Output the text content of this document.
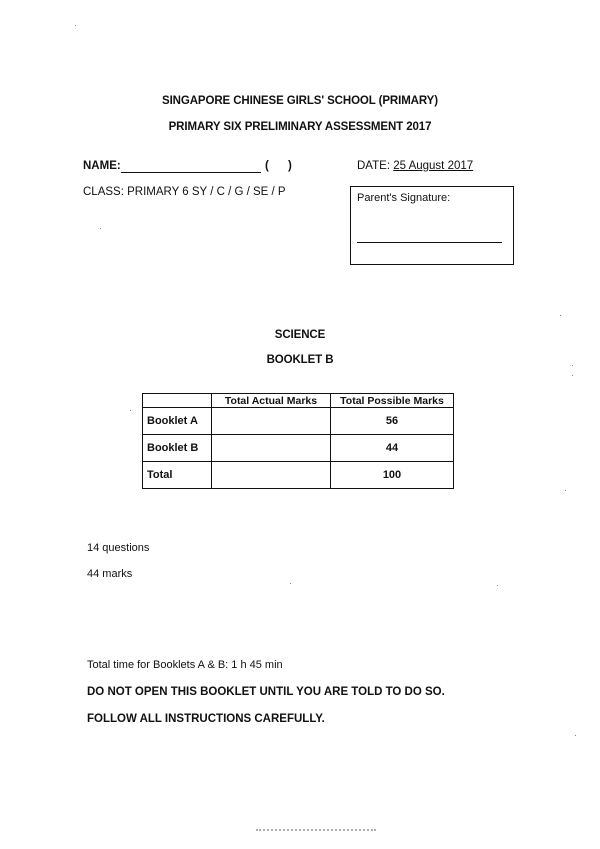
SINGAPORE CHINESE GIRLS' SCHOOL (PRIMARY)
PRIMARY SIX PRELIMINARY ASSESSMENT 2017
NAME:	(      )	DATE: 25 August 2017
CLASS: PRIMARY 6 SY / C / G / SE / P	Parent's Signature:
SCIENCE
BOOKLET B
	Total Actual Marks	Total Possible Marks
Booklet A		56
Booklet B		44
Total		100
14 questions
44 marks
Total time for Booklets A & B: 1 h 45 min
DO NOT OPEN THIS BOOKLET UNTIL YOU ARE TOLD TO DO SO.
FOLLOW ALL INSTRUCTIONS CAREFULLY.
